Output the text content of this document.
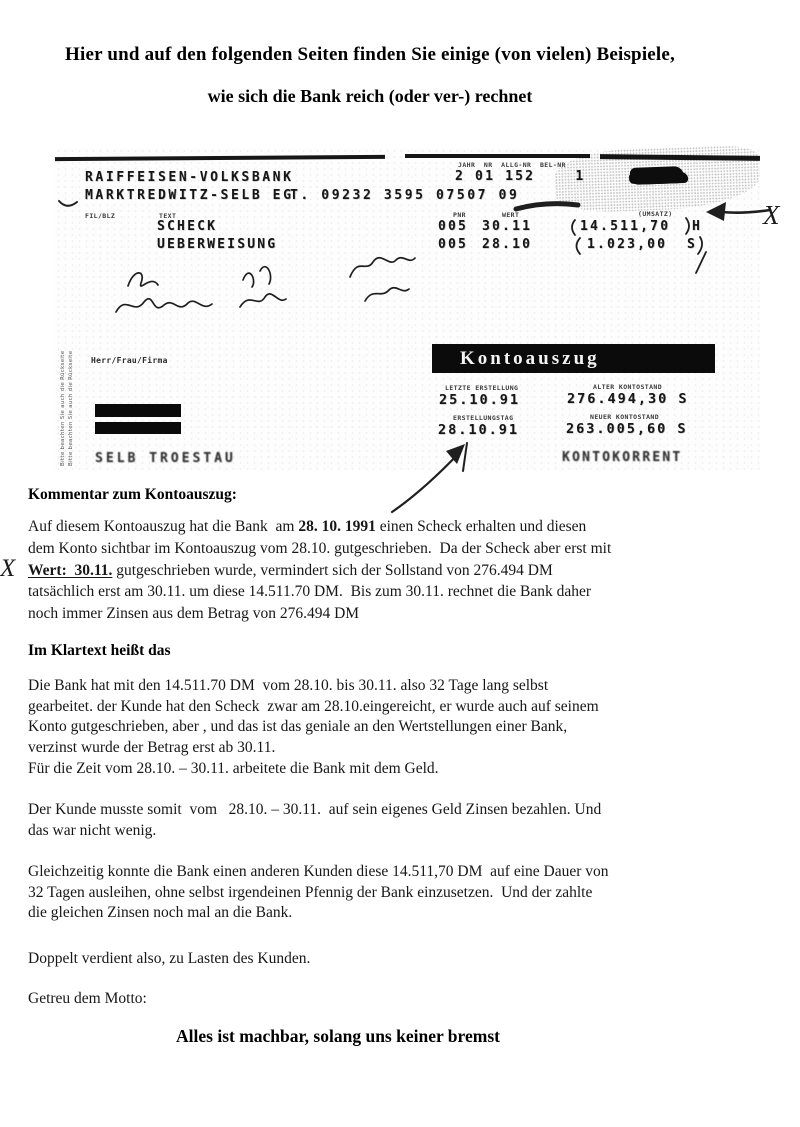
Hier und auf den folgenden Seiten finden Sie einige (von vielen) Beispiele,
wie sich die Bank reich (oder ver-) rechnet
RAIFFEISEN-VOLKSBANK
MARKTREDWITZ-SELB EG
T. 09232 3595 07507 09
JAHR  NR  ALLG-NR  BEL-NR
2 01 152    1
FIL/BLZ	TEXT	PNR	WERT	(UMSATZ)
SCHECK	005 30.11	14.511,70 H
UEBERWEISUNG	005 28.10	1.023,00 S
Bitte beachten Sie auch die Rückseite Bitte beachten Sie auch die Rückseite Herr/Frau/Firma	Kontoauszug
LETZTE ERSTELLUNG
25.10.91
ALTER KONTOSTAND
276.494,30 S
ERSTELLUNGSTAG
28.10.91
NEUER KONTOSTAND
263.005,60 S
SELB TROESTAU	KONTOKORRENT
Kommentar zum Kontoauszug:
Auf diesem Kontoauszug hat die Bank  am 28. 10. 1991 einen Scheck erhalten und diesen
dem Konto sichtbar im Kontoauszug vom 28.10. gutgeschrieben.  Da der Scheck aber erst mit
Wert:  30.11. gutgeschrieben wurde, vermindert sich der Sollstand von 276.494 DM
tatsächlich erst am 30.11. um diese 14.511.70 DM.  Bis zum 30.11. rechnet die Bank daher
noch immer Zinsen aus dem Betrag von 276.494 DM
Im Klartext heißt das
Die Bank hat mit den 14.511.70 DM  vom 28.10. bis 30.11. also 32 Tage lang selbst
gearbeitet. der Kunde hat den Scheck  zwar am 28.10.eingereicht, er wurde auch auf seinem
Konto gutgeschrieben, aber , und das ist das geniale an den Wertstellungen einer Bank,
verzinst wurde der Betrag erst ab 30.11.
Für die Zeit vom 28.10. – 30.11. arbeitete die Bank mit dem Geld.
Der Kunde musste somit  vom   28.10. – 30.11.  auf sein eigenes Geld Zinsen bezahlen. Und
das war nicht wenig.
Gleichzeitig konnte die Bank einen anderen Kunden diese 14.511,70 DM  auf eine Dauer von
32 Tagen ausleihen, ohne selbst irgendeinen Pfennig der Bank einzusetzen.  Und der zahlte
die gleichen Zinsen noch mal an die Bank.
Doppelt verdient also, zu Lasten des Kunden.
Getreu dem Motto:
Alles ist machbar, solang uns keiner bremst
X
X
